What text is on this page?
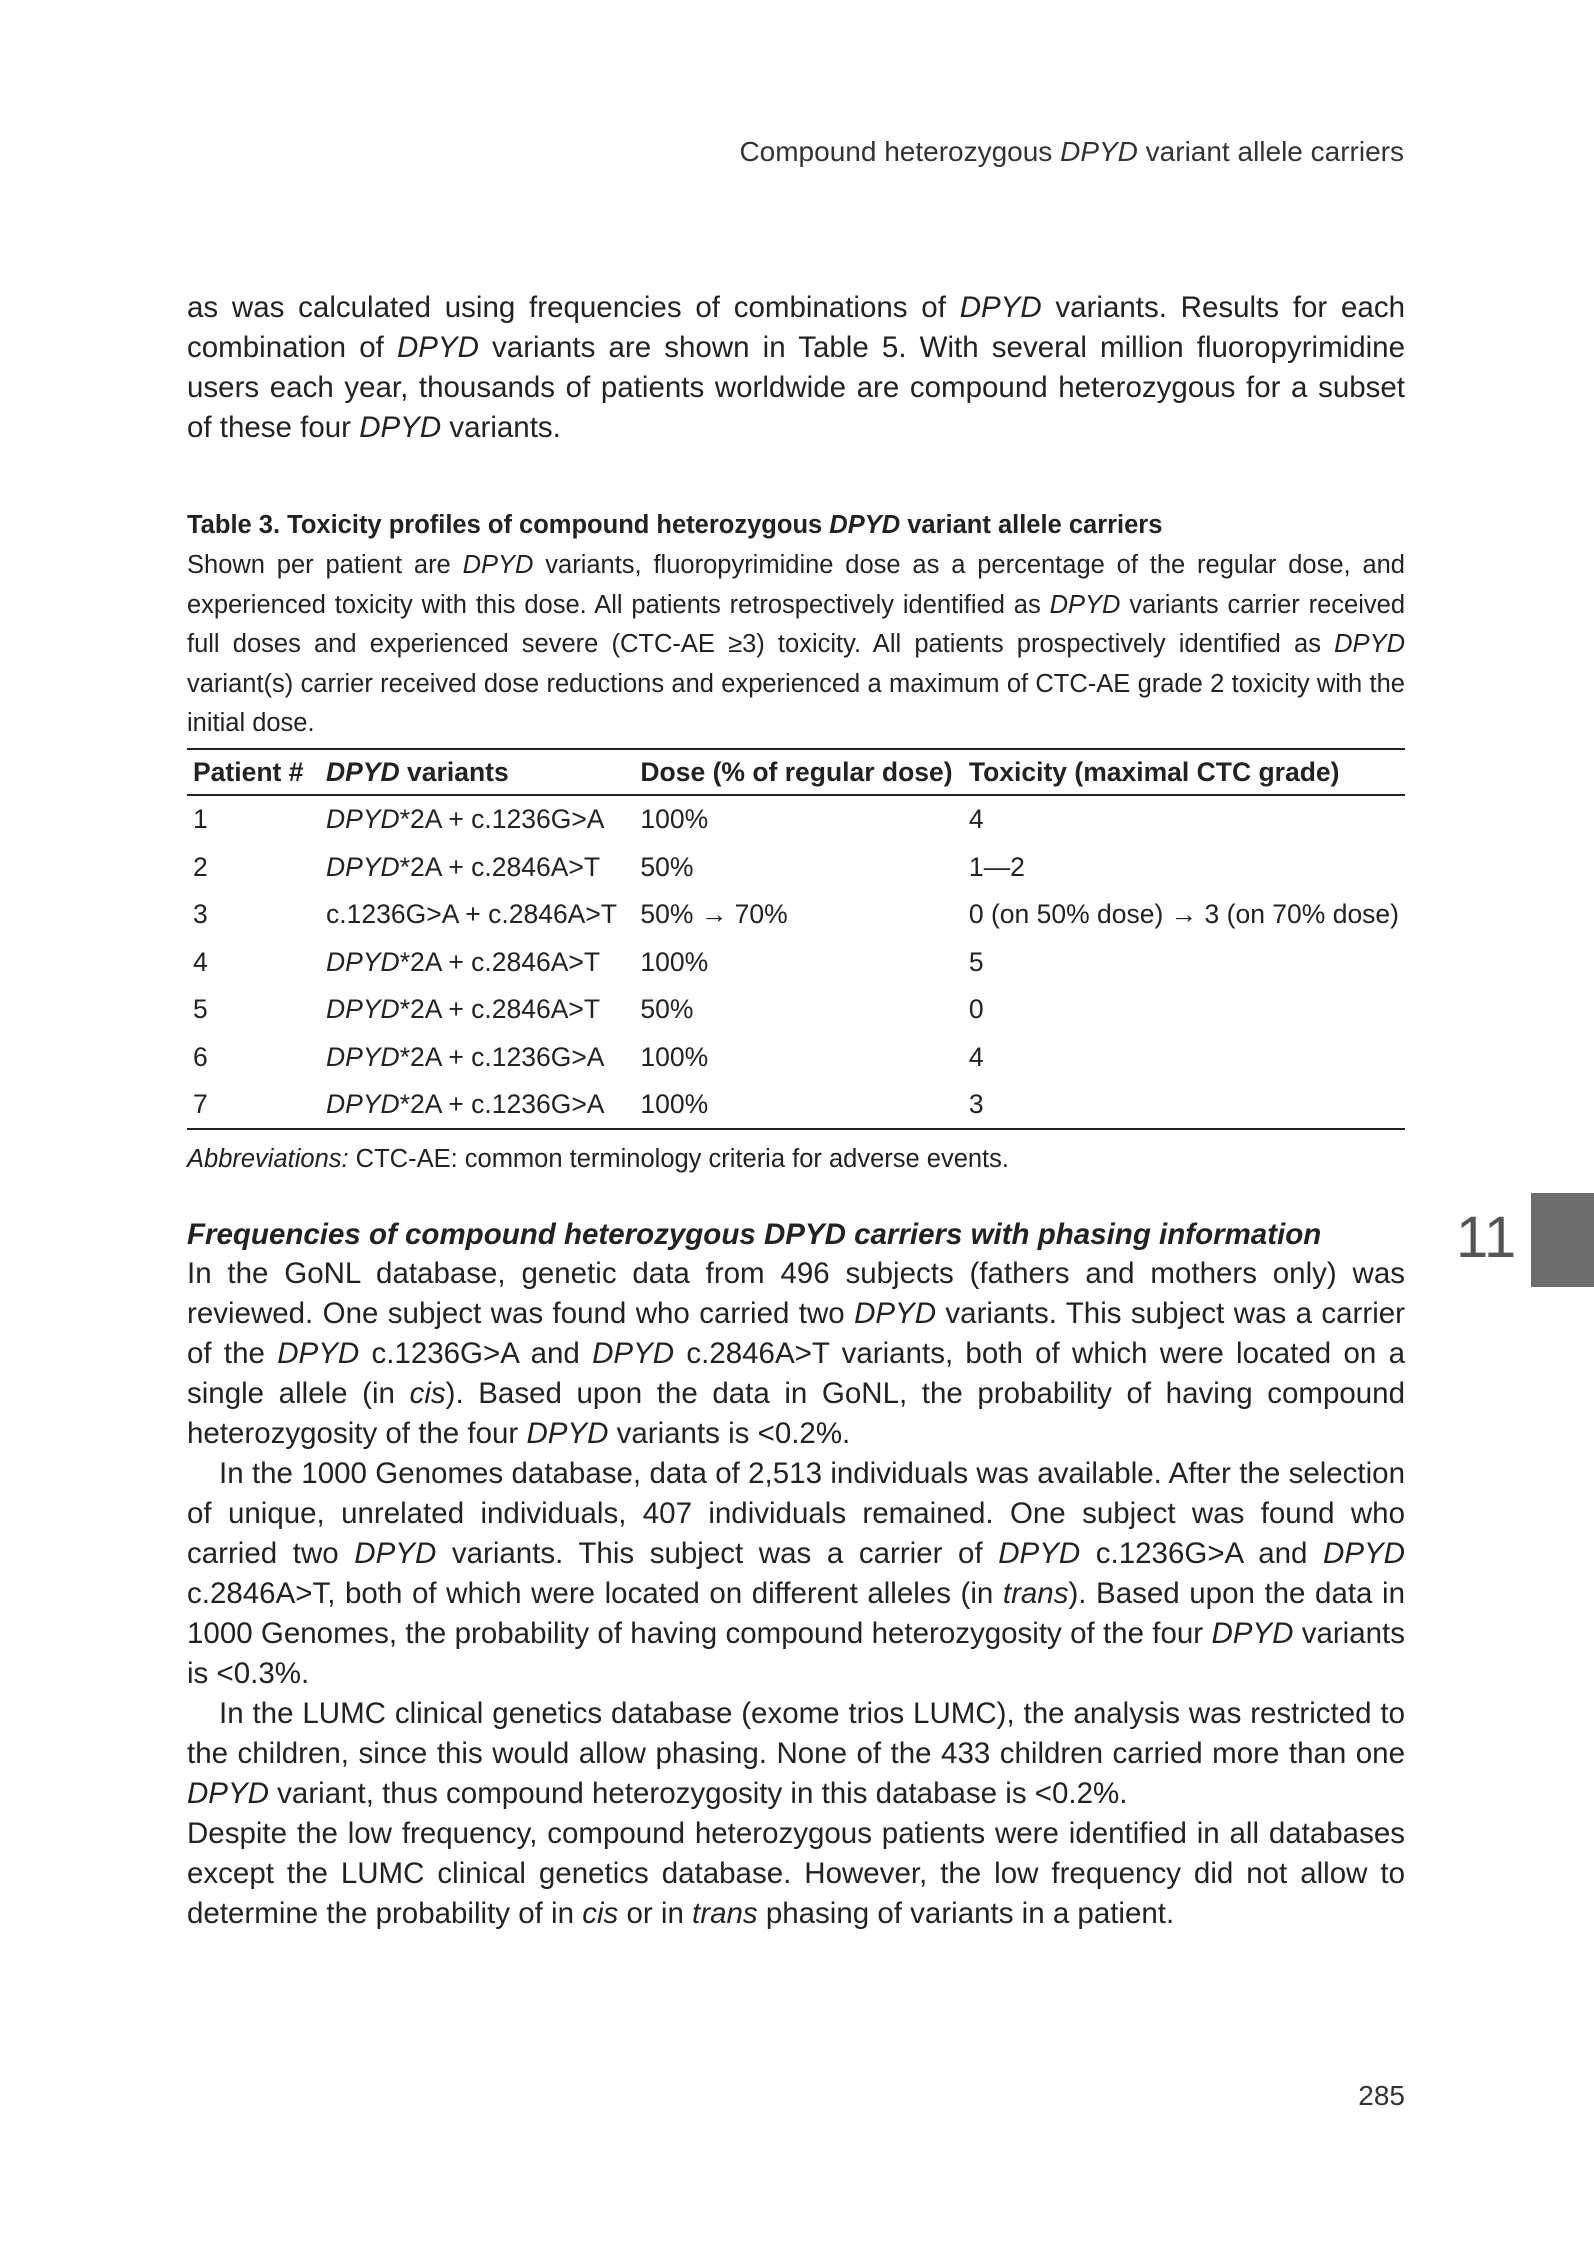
Compound heterozygous DPYD variant allele carriers

as was calculated using frequencies of combinations of DPYD variants. Results for each combination of DPYD variants are shown in Table 5. With several million fluoropyrimidine users each year, thousands of patients worldwide are compound heterozygous for a subset of these four DPYD variants.

Table 3. Toxicity profiles of compound heterozygous DPYD variant allele carriers

Shown per patient are DPYD variants, fluoropyrimidine dose as a percentage of the regular dose, and experienced toxicity with this dose. All patients retrospectively identified as DPYD variants carrier received full doses and experienced severe (CTC-AE ≥3) toxicity. All patients prospectively identified as DPYD variant(s) carrier received dose reductions and experienced a maximum of CTC-AE grade 2 toxicity with the initial dose.

Patient #	DPYD variants	Dose (% of regular dose)	Toxicity (maximal CTC grade)
1	DPYD*2A + c.1236G>A	100%	4
2	DPYD*2A + c.2846A>T	50%	1—2
3	c.1236G>A + c.2846A>T	50% → 70%	0 (on 50% dose) → 3 (on 70% dose)
4	DPYD*2A + c.2846A>T	100%	5
5	DPYD*2A + c.2846A>T	50%	0
6	DPYD*2A + c.1236G>A	100%	4
7	DPYD*2A + c.1236G>A	100%	3
Abbreviations: CTC-AE: common terminology criteria for adverse events.
Frequencies of compound heterozygous DPYD carriers with phasing information

In the GoNL database, genetic data from 496 subjects (fathers and mothers only) was reviewed. One subject was found who carried two DPYD variants. This subject was a carrier of the DPYD c.1236G>A and DPYD c.2846A>T variants, both of which were located on a single allele (in cis). Based upon the data in GoNL, the probability of having compound heterozygosity of the four DPYD variants is <0.2%.

In the 1000 Genomes database, data of 2,513 individuals was available. After the selection of unique, unrelated individuals, 407 individuals remained. One subject was found who carried two DPYD variants. This subject was a carrier of DPYD c.1236G>A and DPYD c.2846A>T, both of which were located on different alleles (in trans). Based upon the data in 1000 Genomes, the probability of having compound heterozygosity of the four DPYD variants is <0.3%.

In the LUMC clinical genetics database (exome trios LUMC), the analysis was restricted to the children, since this would allow phasing. None of the 433 children carried more than one DPYD variant, thus compound heterozygosity in this database is <0.2%.

Despite the low frequency, compound heterozygous patients were identified in all databases except the LUMC clinical genetics database. However, the low frequency did not allow to determine the probability of in cis or in trans phasing of variants in a patient.

11
285
